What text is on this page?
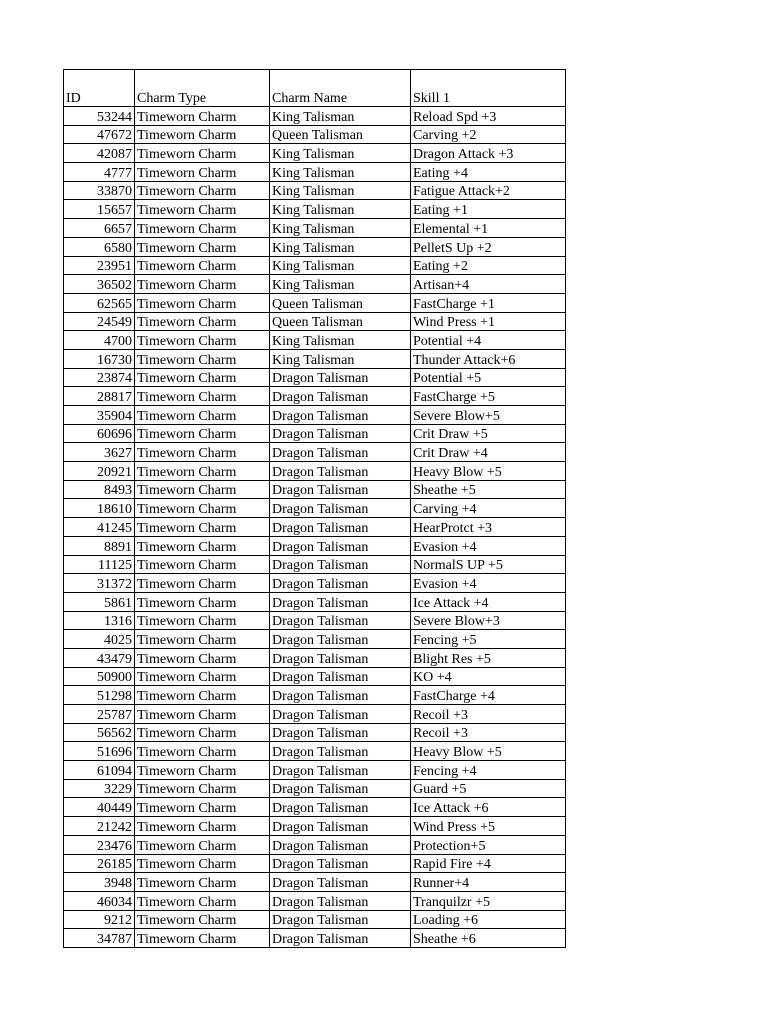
ID	Charm Type	Charm Name	Skill 1
53244	Timeworn Charm	King Talisman	Reload Spd +3
47672	Timeworn Charm	Queen Talisman	Carving +2
42087	Timeworn Charm	King Talisman	Dragon Attack +3
4777	Timeworn Charm	King Talisman	Eating +4
33870	Timeworn Charm	King Talisman	Fatigue Attack+2
15657	Timeworn Charm	King Talisman	Eating +1
6657	Timeworn Charm	King Talisman	Elemental +1
6580	Timeworn Charm	King Talisman	PelletS Up +2
23951	Timeworn Charm	King Talisman	Eating +2
36502	Timeworn Charm	King Talisman	Artisan+4
62565	Timeworn Charm	Queen Talisman	FastCharge +1
24549	Timeworn Charm	Queen Talisman	Wind Press +1
4700	Timeworn Charm	King Talisman	Potential +4
16730	Timeworn Charm	King Talisman	Thunder Attack+6
23874	Timeworn Charm	Dragon Talisman	Potential +5
28817	Timeworn Charm	Dragon Talisman	FastCharge +5
35904	Timeworn Charm	Dragon Talisman	Severe Blow+5
60696	Timeworn Charm	Dragon Talisman	Crit Draw +5
3627	Timeworn Charm	Dragon Talisman	Crit Draw +4
20921	Timeworn Charm	Dragon Talisman	Heavy Blow +5
8493	Timeworn Charm	Dragon Talisman	Sheathe +5
18610	Timeworn Charm	Dragon Talisman	Carving +4
41245	Timeworn Charm	Dragon Talisman	HearProtct +3
8891	Timeworn Charm	Dragon Talisman	Evasion +4
11125	Timeworn Charm	Dragon Talisman	NormalS UP +5
31372	Timeworn Charm	Dragon Talisman	Evasion +4
5861	Timeworn Charm	Dragon Talisman	Ice Attack +4
1316	Timeworn Charm	Dragon Talisman	Severe Blow+3
4025	Timeworn Charm	Dragon Talisman	Fencing +5
43479	Timeworn Charm	Dragon Talisman	Blight Res +5
50900	Timeworn Charm	Dragon Talisman	KO +4
51298	Timeworn Charm	Dragon Talisman	FastCharge +4
25787	Timeworn Charm	Dragon Talisman	Recoil +3
56562	Timeworn Charm	Dragon Talisman	Recoil +3
51696	Timeworn Charm	Dragon Talisman	Heavy Blow +5
61094	Timeworn Charm	Dragon Talisman	Fencing +4
3229	Timeworn Charm	Dragon Talisman	Guard +5
40449	Timeworn Charm	Dragon Talisman	Ice Attack +6
21242	Timeworn Charm	Dragon Talisman	Wind Press +5
23476	Timeworn Charm	Dragon Talisman	Protection+5
26185	Timeworn Charm	Dragon Talisman	Rapid Fire +4
3948	Timeworn Charm	Dragon Talisman	Runner+4
46034	Timeworn Charm	Dragon Talisman	Tranquilzr +5
9212	Timeworn Charm	Dragon Talisman	Loading +6
34787	Timeworn Charm	Dragon Talisman	Sheathe +6
